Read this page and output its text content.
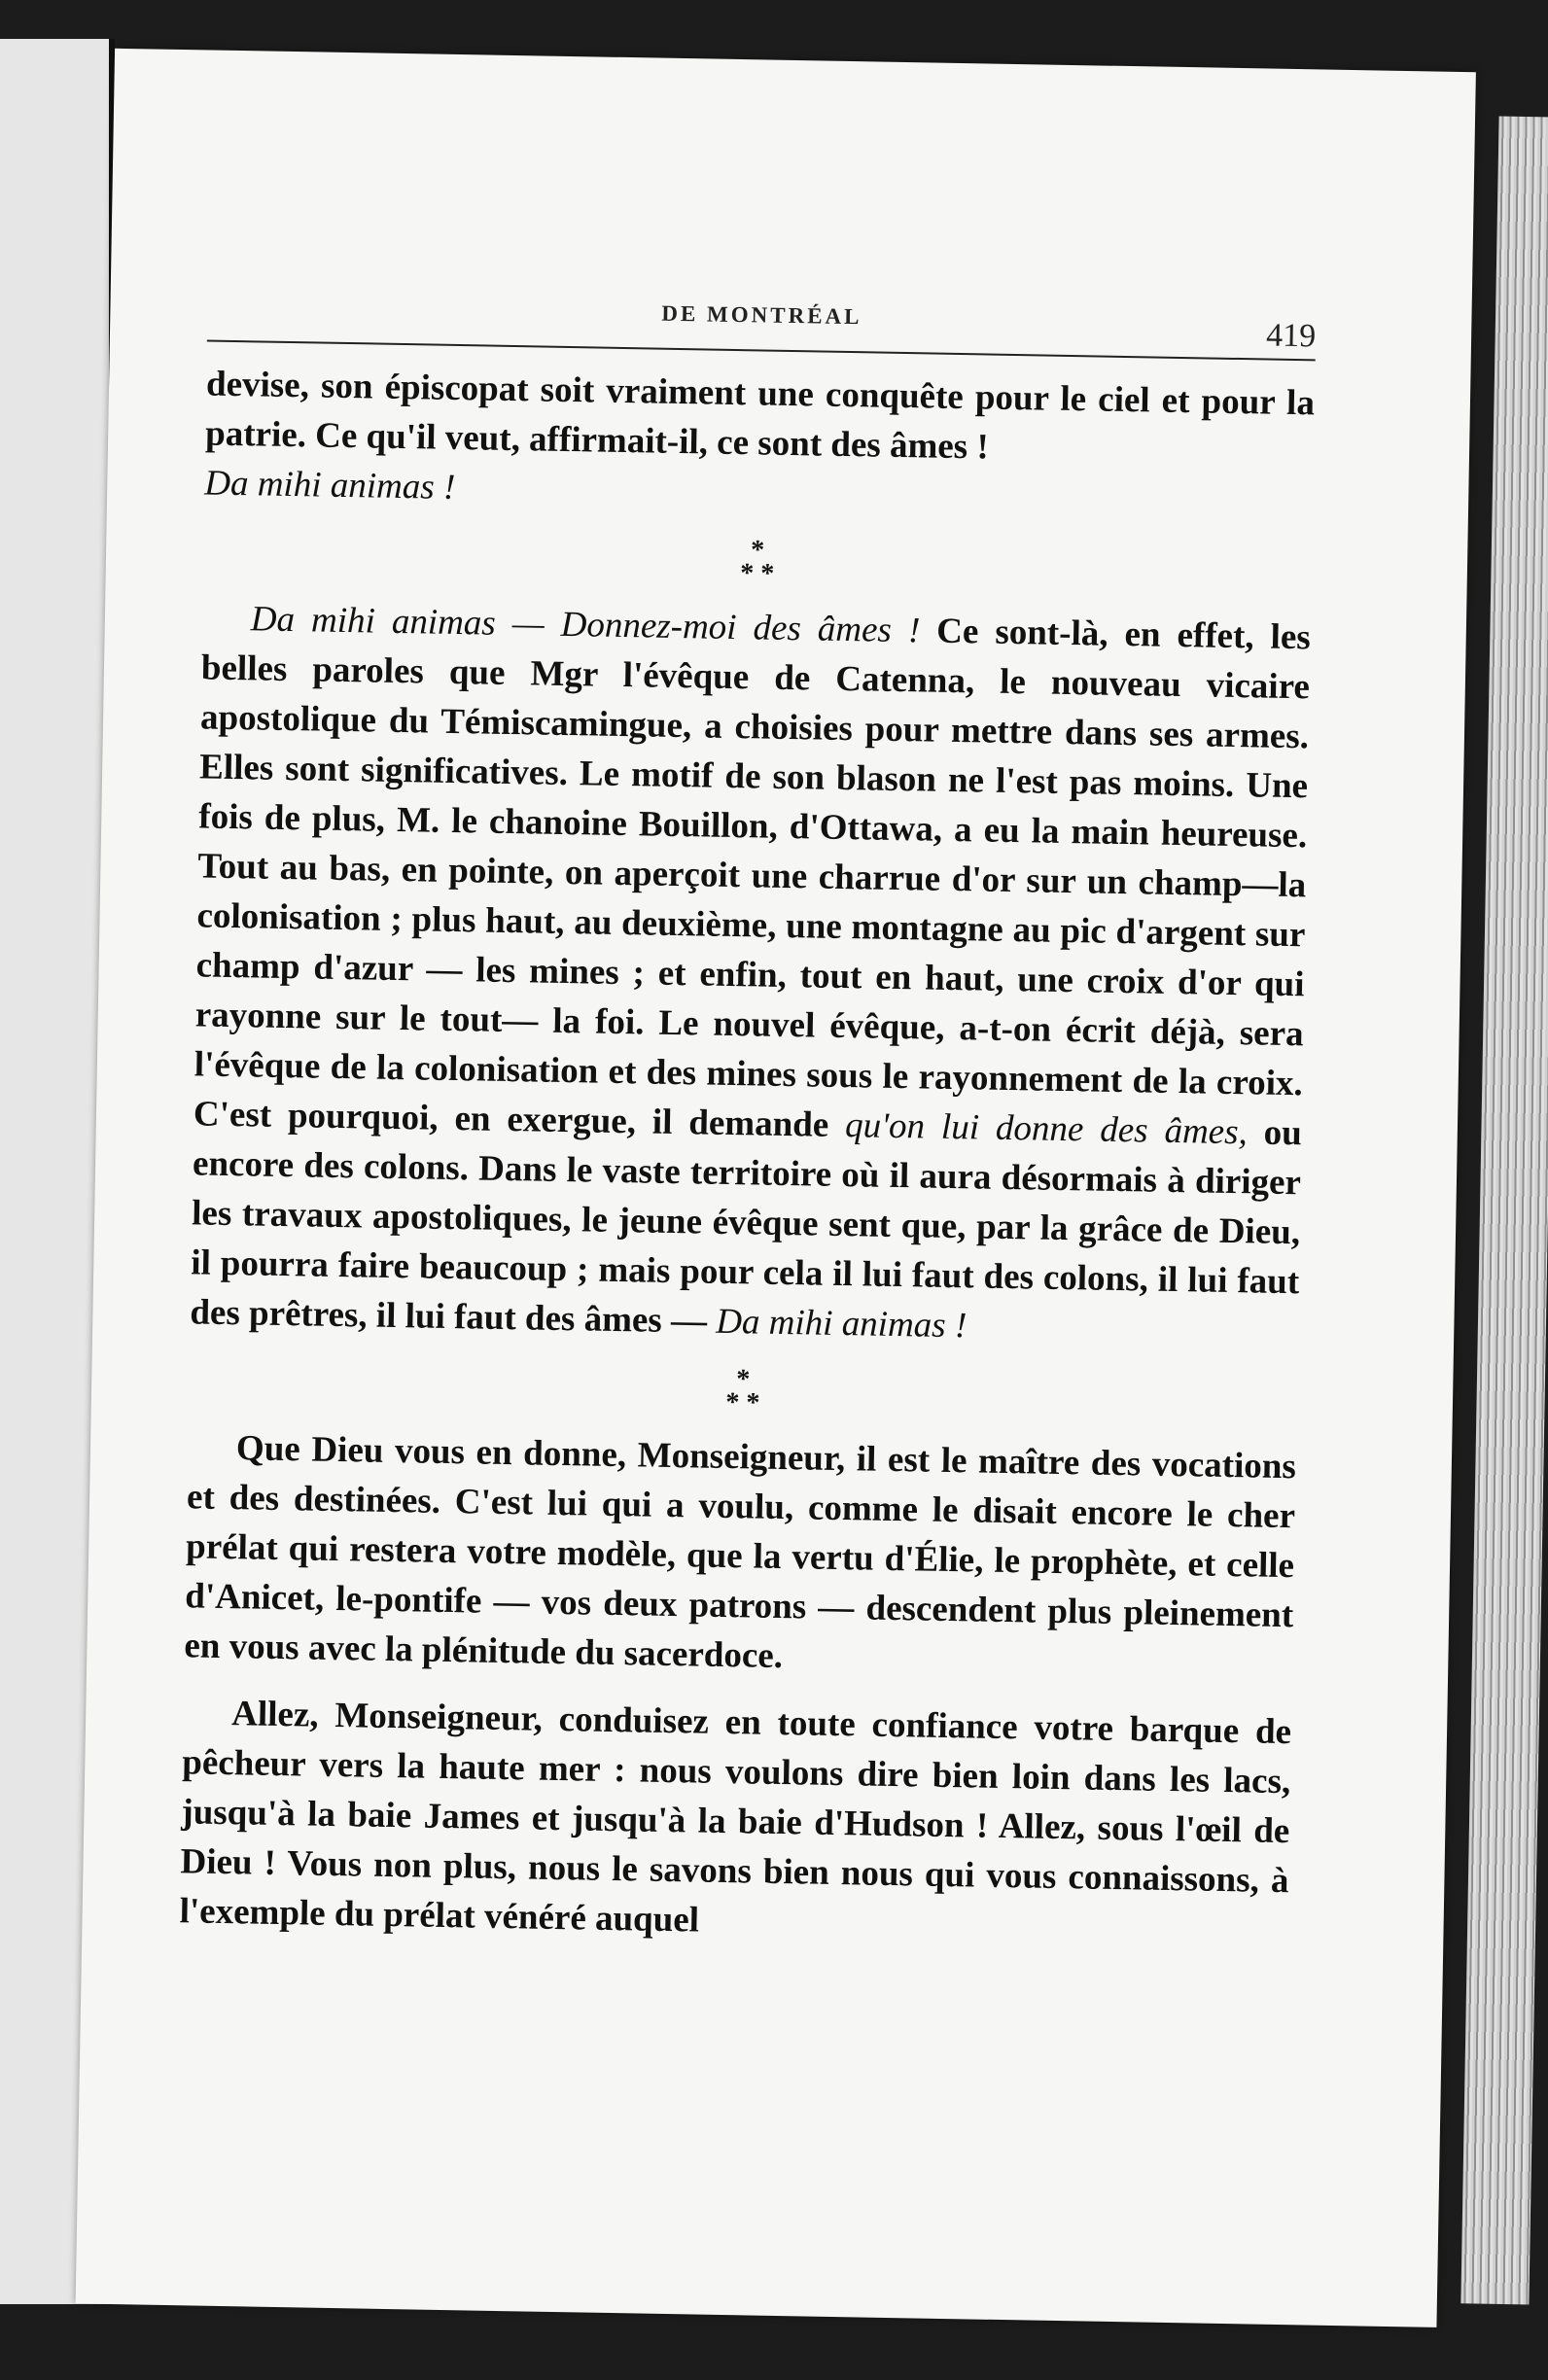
DE MONTRÉAL
419

devise, son épiscopat soit vraiment une conquête pour le ciel et pour la patrie. Ce qu'il veut, affirmait-il, ce sont des âmes !
Da mihi animas !

*
* *

Da mihi animas — Donnez-moi des âmes ! Ce sont-là, en effet, les belles paroles que Mgr l'évêque de Catenna, le nouveau vicaire apostolique du Témiscamingue, a choisies pour mettre dans ses armes. Elles sont significatives. Le motif de son blason ne l'est pas moins. Une fois de plus, M. le chanoine Bouillon, d'Ottawa, a eu la main heureuse. Tout au bas, en pointe, on aperçoit une charrue d'or sur un champ—la colonisation ; plus haut, au deuxième, une montagne au pic d'argent sur champ d'azur — les mines ; et enfin, tout en haut, une croix d'or qui rayonne sur le tout— la foi. Le nouvel évêque, a-t-on écrit déjà, sera l'évêque de la colonisation et des mines sous le rayonnement de la croix. C'est pourquoi, en exergue, il demande qu'on lui donne des âmes, ou encore des colons. Dans le vaste territoire où il aura désormais à diriger les travaux apostoliques, le jeune évêque sent que, par la grâce de Dieu, il pourra faire beaucoup ; mais pour cela il lui faut des colons, il lui faut des prêtres, il lui faut des âmes — Da mihi animas !

*
* *

Que Dieu vous en donne, Monseigneur, il est le maître des vocations et des destinées. C'est lui qui a voulu, comme le disait encore le cher prélat qui restera votre modèle, que la vertu d'Élie, le prophète, et celle d'Anicet, le-pontife — vos deux patrons — descendent plus pleinement en vous avec la plénitude du sacerdoce.

Allez, Monseigneur, conduisez en toute confiance votre barque de pêcheur vers la haute mer : nous voulons dire bien loin dans les lacs, jusqu'à la baie James et jusqu'à la baie d'Hudson ! Allez, sous l'œil de Dieu ! Vous non plus, nous le savons bien nous qui vous connaissons, à l'exemple du prélat vénéré auquel
